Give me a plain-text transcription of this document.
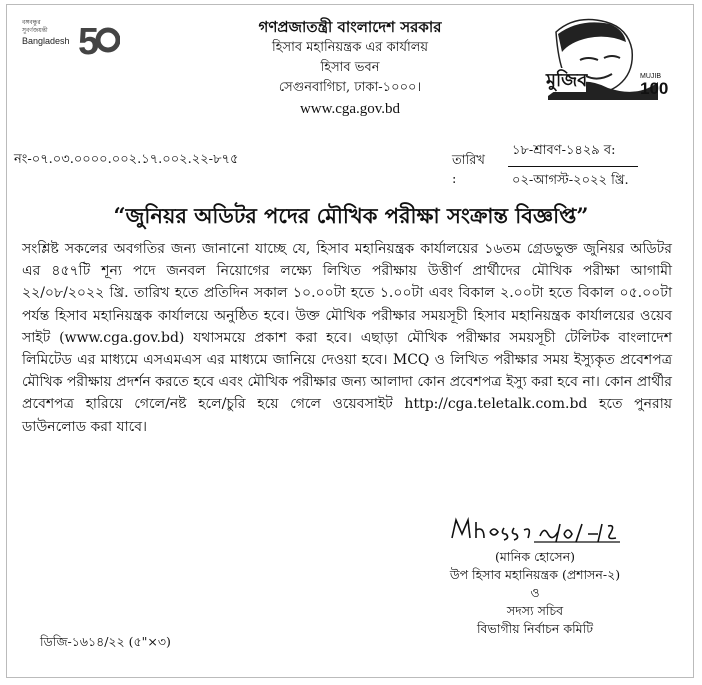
বঙ্গবন্ধুর
সুবর্ণজয়ন্তী
Bangladesh 5
মুজিব	MUJIB
100
গণপ্রজাতন্ত্রী বাংলাদেশ সরকার
হিসাব মহানিয়ন্ত্রক এর কার্যালয়
হিসাব ভবন
সেগুনবাগিচা, ঢাকা-১০০০।
www.cga.gov.bd
নং-০৭.০৩.০০০০.০০২.১৭.০০২.২২-৮৭৫	তারিখ :
১৮-শ্রাবণ-১৪২৯ ব:
০২-আগস্ট-২০২২ খ্রি.
“জুনিয়র অডিটর পদের মৌখিক পরীক্ষা সংক্রান্ত বিজ্ঞপ্তি”
সংশ্লিষ্ট সকলের অবগতির জন্য জানানো যাচ্ছে যে, হিসাব মহানিয়ন্ত্রক কার্যালয়ের ১৬তম গ্রেডভুক্ত জুনিয়র অডিটর এর ৪৫৭টি শূন্য পদে জনবল নিয়োগের লক্ষ্যে লিখিত পরীক্ষায় উত্তীর্ণ প্রার্থীদের মৌখিক পরীক্ষা আগামী ২২/০৮/২০২২ খ্রি. তারিখ হতে প্রতিদিন সকাল ১০.০০টা হতে ১.০০টা এবং বিকাল ২.০০টা হতে বিকাল ০৫.০০টা পর্যন্ত হিসাব মহানিয়ন্ত্রক কার্যালয়ে অনুষ্ঠিত হবে। উক্ত মৌখিক পরীক্ষার সময়সূচী হিসাব মহানিয়ন্ত্রক কার্যালয়ের ওয়েব সাইট (www.cga.gov.bd) যথাসময়ে প্রকাশ করা হবে। এছাড়া মৌখিক পরীক্ষার সময়সূচী টেলিটক বাংলাদেশ লিমিটেড এর মাধ্যমে এসএমএস এর মাধ্যমে জানিয়ে দেওয়া হবে। MCQ ও লিখিত পরীক্ষার সময় ইস্যুকৃত প্রবেশপত্র মৌখিক পরীক্ষায় প্রদর্শন করতে হবে এবং মৌখিক পরীক্ষার জন্য আলাদা কোন প্রবেশপত্র ইস্যু করা হবে না। কোন প্রার্থীর প্রবেশপত্র হারিয়ে গেলে/নষ্ট হলে/চুরি হয়ে গেলে ওয়েবসাইট http://cga.teletalk.com.bd হতে পুনরায় ডাউনলোড করা যাবে।
(মানিক হোসেন)
উপ হিসাব মহানিয়ন্ত্রক (প্রশাসন-২)
ও
সদস্য সচিব
বিভাগীয় নির্বাচন কমিটি
ডিজি-১৬১৪/২২ (৫"×৩)
